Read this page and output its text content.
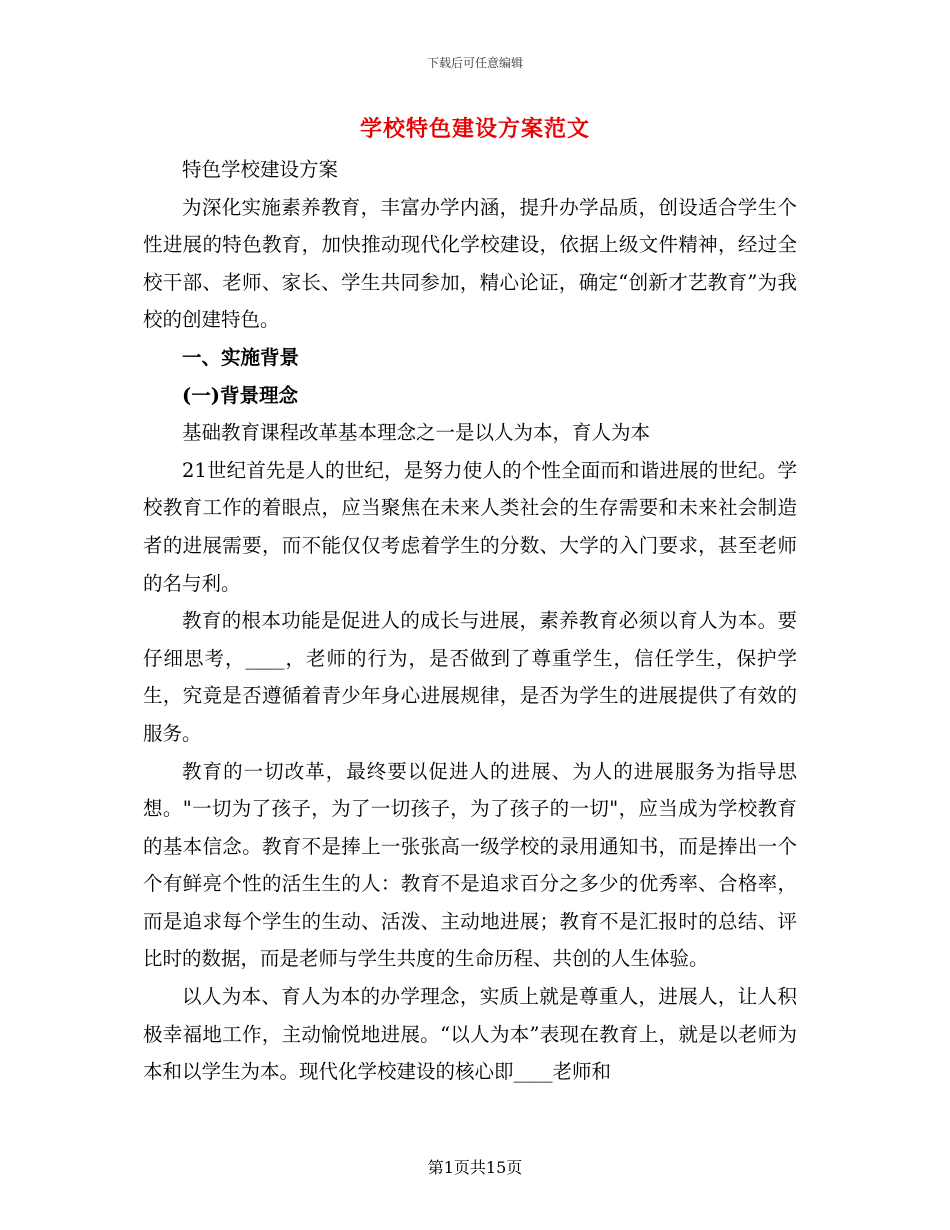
下载后可任意编辑
学校特色建设方案范文

特色学校建设方案

为深化实施素养教育，丰富办学内涵，提升办学品质，创设适合学生个性进展的特色教育，加快推动现代化学校建设，依据上级文件精神，经过全校干部、老师、家长、学生共同参加，精心论证，确定“创新才艺教育”为我校的创建特色。

一、实施背景

(一)背景理念

基础教育课程改革基本理念之一是以人为本，育人为本

21世纪首先是人的世纪，是努力使人的个性全面而和谐进展的世纪。学校教育工作的着眼点，应当聚焦在未来人类社会的生存需要和未来社会制造者的进展需要，而不能仅仅考虑着学生的分数、大学的入门要求，甚至老师的名与利。

教育的根本功能是促进人的成长与进展，素养教育必须以育人为本。要仔细思考，____，老师的行为，是否做到了尊重学生，信任学生，保护学生，究竟是否遵循着青少年身心进展规律，是否为学生的进展提供了有效的服务。

教育的一切改革，最终要以促进人的进展、为人的进展服务为指导思想。"一切为了孩子，为了一切孩子，为了孩子的一切"，应当成为学校教育的基本信念。教育不是捧上一张张高一级学校的录用通知书，而是捧出一个个有鲜亮个性的活生生的人：教育不是追求百分之多少的优秀率、合格率，而是追求每个学生的生动、活泼、主动地进展；教育不是汇报时的总结、评比时的数据，而是老师与学生共度的生命历程、共创的人生体验。

以人为本、育人为本的办学理念，实质上就是尊重人，进展人，让人积极幸福地工作，主动愉悦地进展。“以人为本”表现在教育上，就是以老师为本和以学生为本。现代化学校建设的核心即____老师和

第1页共15页
